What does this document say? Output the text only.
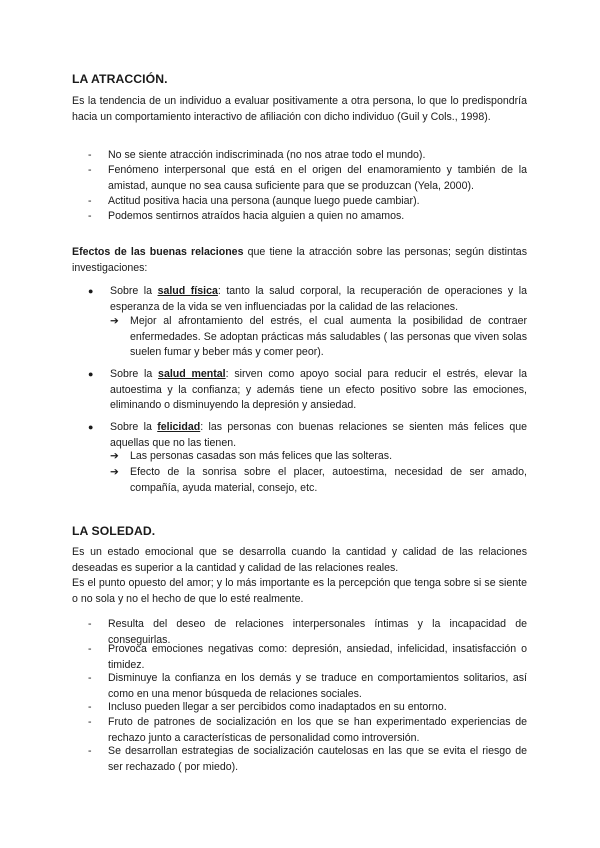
LA ATRACCIÓN.
Es la tendencia de un individuo a evaluar positivamente a otra persona, lo que lo predispondría hacia un comportamiento interactivo de afiliación con dicho individuo (Guil y Cols., 1998).
- No se siente atracción indiscriminada (no nos atrae todo el mundo).
- Fenómeno interpersonal que está en el origen del enamoramiento y también de la amistad, aunque no sea causa suficiente para que se produzcan (Yela, 2000).
- Actitud positiva hacia una persona (aunque luego puede cambiar).
- Podemos sentirnos atraídos hacia alguien a quien no amamos.
Efectos de las buenas relaciones que tiene la atracción sobre las personas; según distintas investigaciones:
● Sobre la salud física: tanto la salud corporal, la recuperación de operaciones y la esperanza de la vida se ven influenciadas por la calidad de las relaciones.
➔ Mejor al afrontamiento del estrés, el cual aumenta la posibilidad de contraer enfermedades. Se adoptan prácticas más saludables ( las personas que viven solas suelen fumar y beber más y comer peor).
● Sobre la salud mental: sirven como apoyo social para reducir el estrés, elevar la autoestima y la confianza; y además tiene un efecto positivo sobre las emociones, eliminando o disminuyendo la depresión y ansiedad.
● Sobre la felicidad: las personas con buenas relaciones se sienten más felices que aquellas que no las tienen.
➔ Las personas casadas son más felices que las solteras.
➔ Efecto de la sonrisa sobre el placer, autoestima, necesidad de ser amado, compañía, ayuda material, consejo, etc.
LA SOLEDAD.
Es un estado emocional que se desarrolla cuando la cantidad y calidad de las relaciones deseadas es superior a la cantidad y calidad de las relaciones reales.
Es el punto opuesto del amor; y lo más importante es la percepción que tenga sobre si se siente o no sola y no el hecho de que lo esté realmente.
- Resulta del deseo de relaciones interpersonales íntimas y la incapacidad de conseguirlas.
- Provoca emociones negativas como: depresión, ansiedad, infelicidad, insatisfacción o timidez.
- Disminuye la confianza en los demás y se traduce en comportamientos solitarios, así como en una menor búsqueda de relaciones sociales.
- Incluso pueden llegar a ser percibidos como inadaptados en su entorno.
- Fruto de patrones de socialización en los que se han experimentado experiencias de rechazo junto a características de personalidad como introversión.
- Se desarrollan estrategias de socialización cautelosas en las que se evita el riesgo de ser rechazado ( por miedo).
